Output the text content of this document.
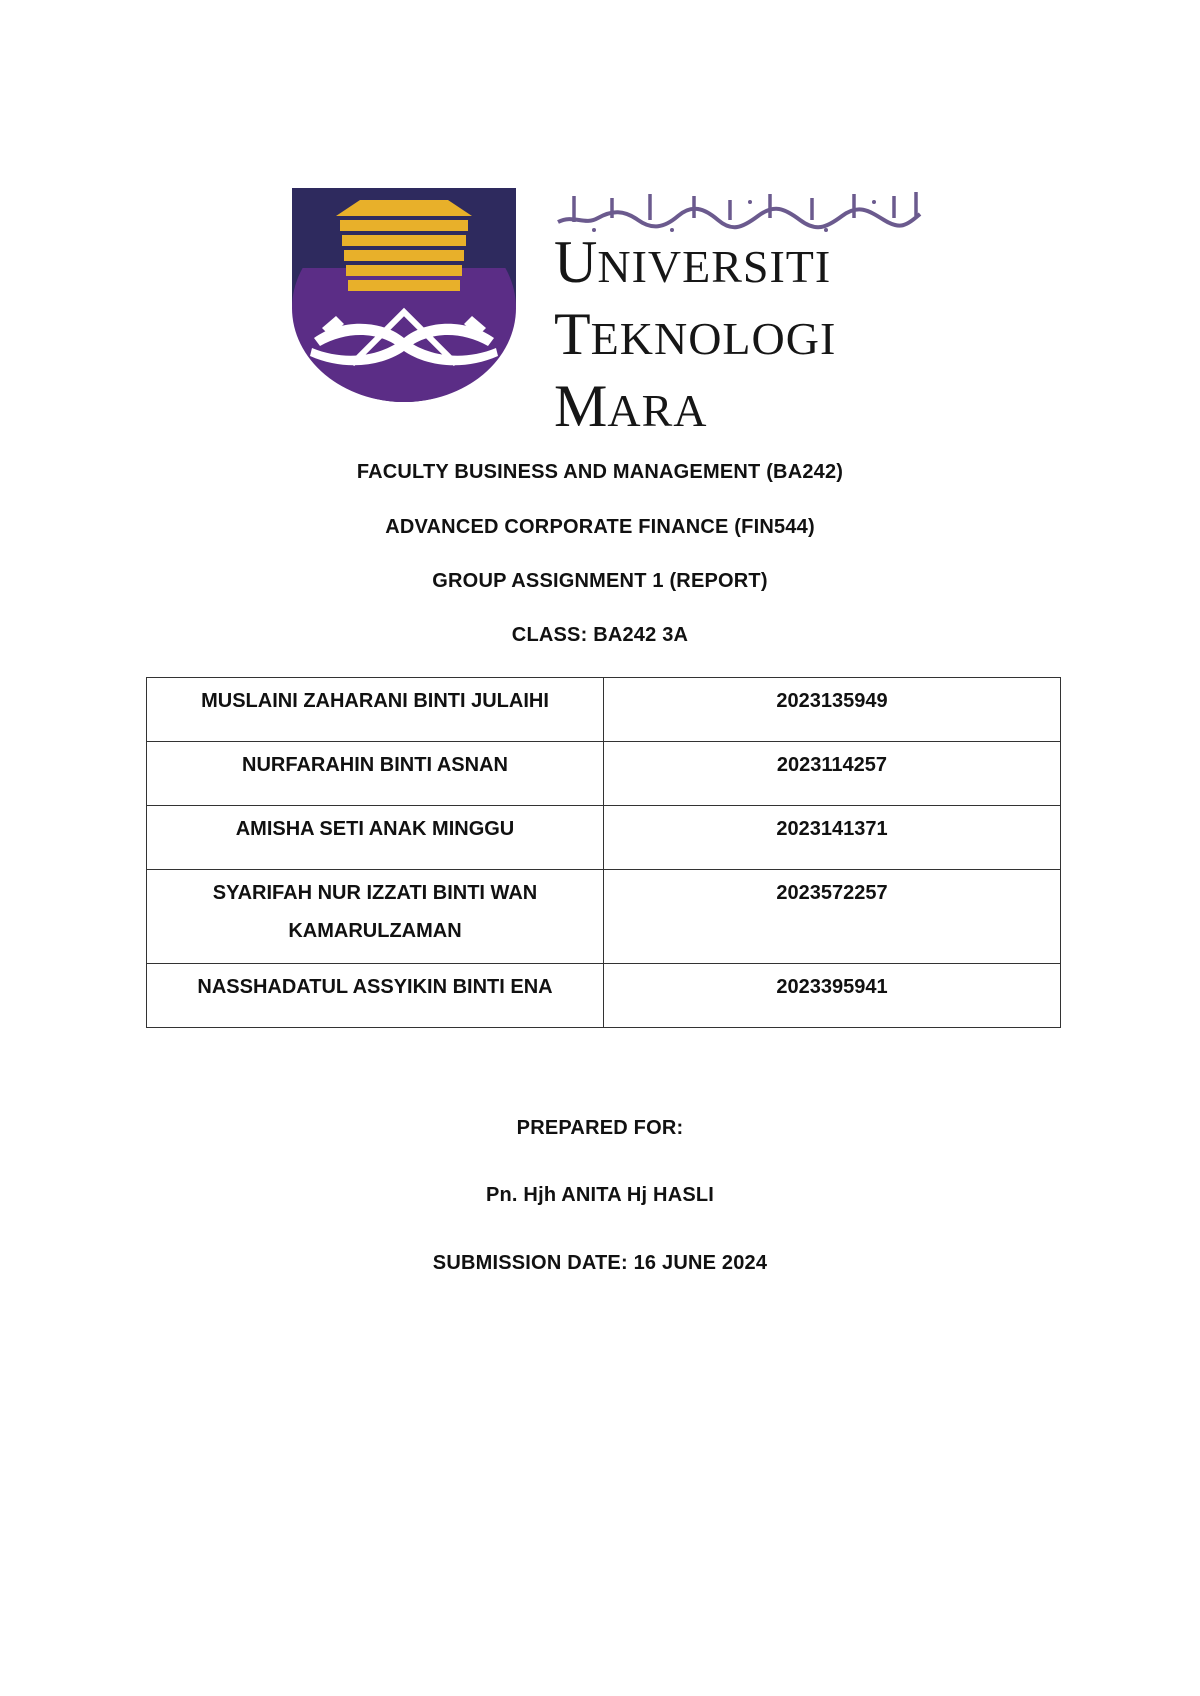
UNIVERSITI
TEKNOLOGI
MARA
FACULTY BUSINESS AND MANAGEMENT (BA242)
ADVANCED CORPORATE FINANCE (FIN544)
GROUP ASSIGNMENT 1 (REPORT)
CLASS: BA242 3A
MUSLAINI ZAHARANI BINTI JULAIHI	2023135949
NURFARAHIN BINTI ASNAN	2023114257
AMISHA SETI ANAK MINGGU	2023141371
SYARIFAH NUR IZZATI BINTI WAN KAMARULZAMAN	2023572257
NASSHADATUL ASSYIKIN BINTI ENA	2023395941
PREPARED FOR:
Pn. Hjh ANITA Hj HASLI
SUBMISSION DATE: 16 JUNE 2024
